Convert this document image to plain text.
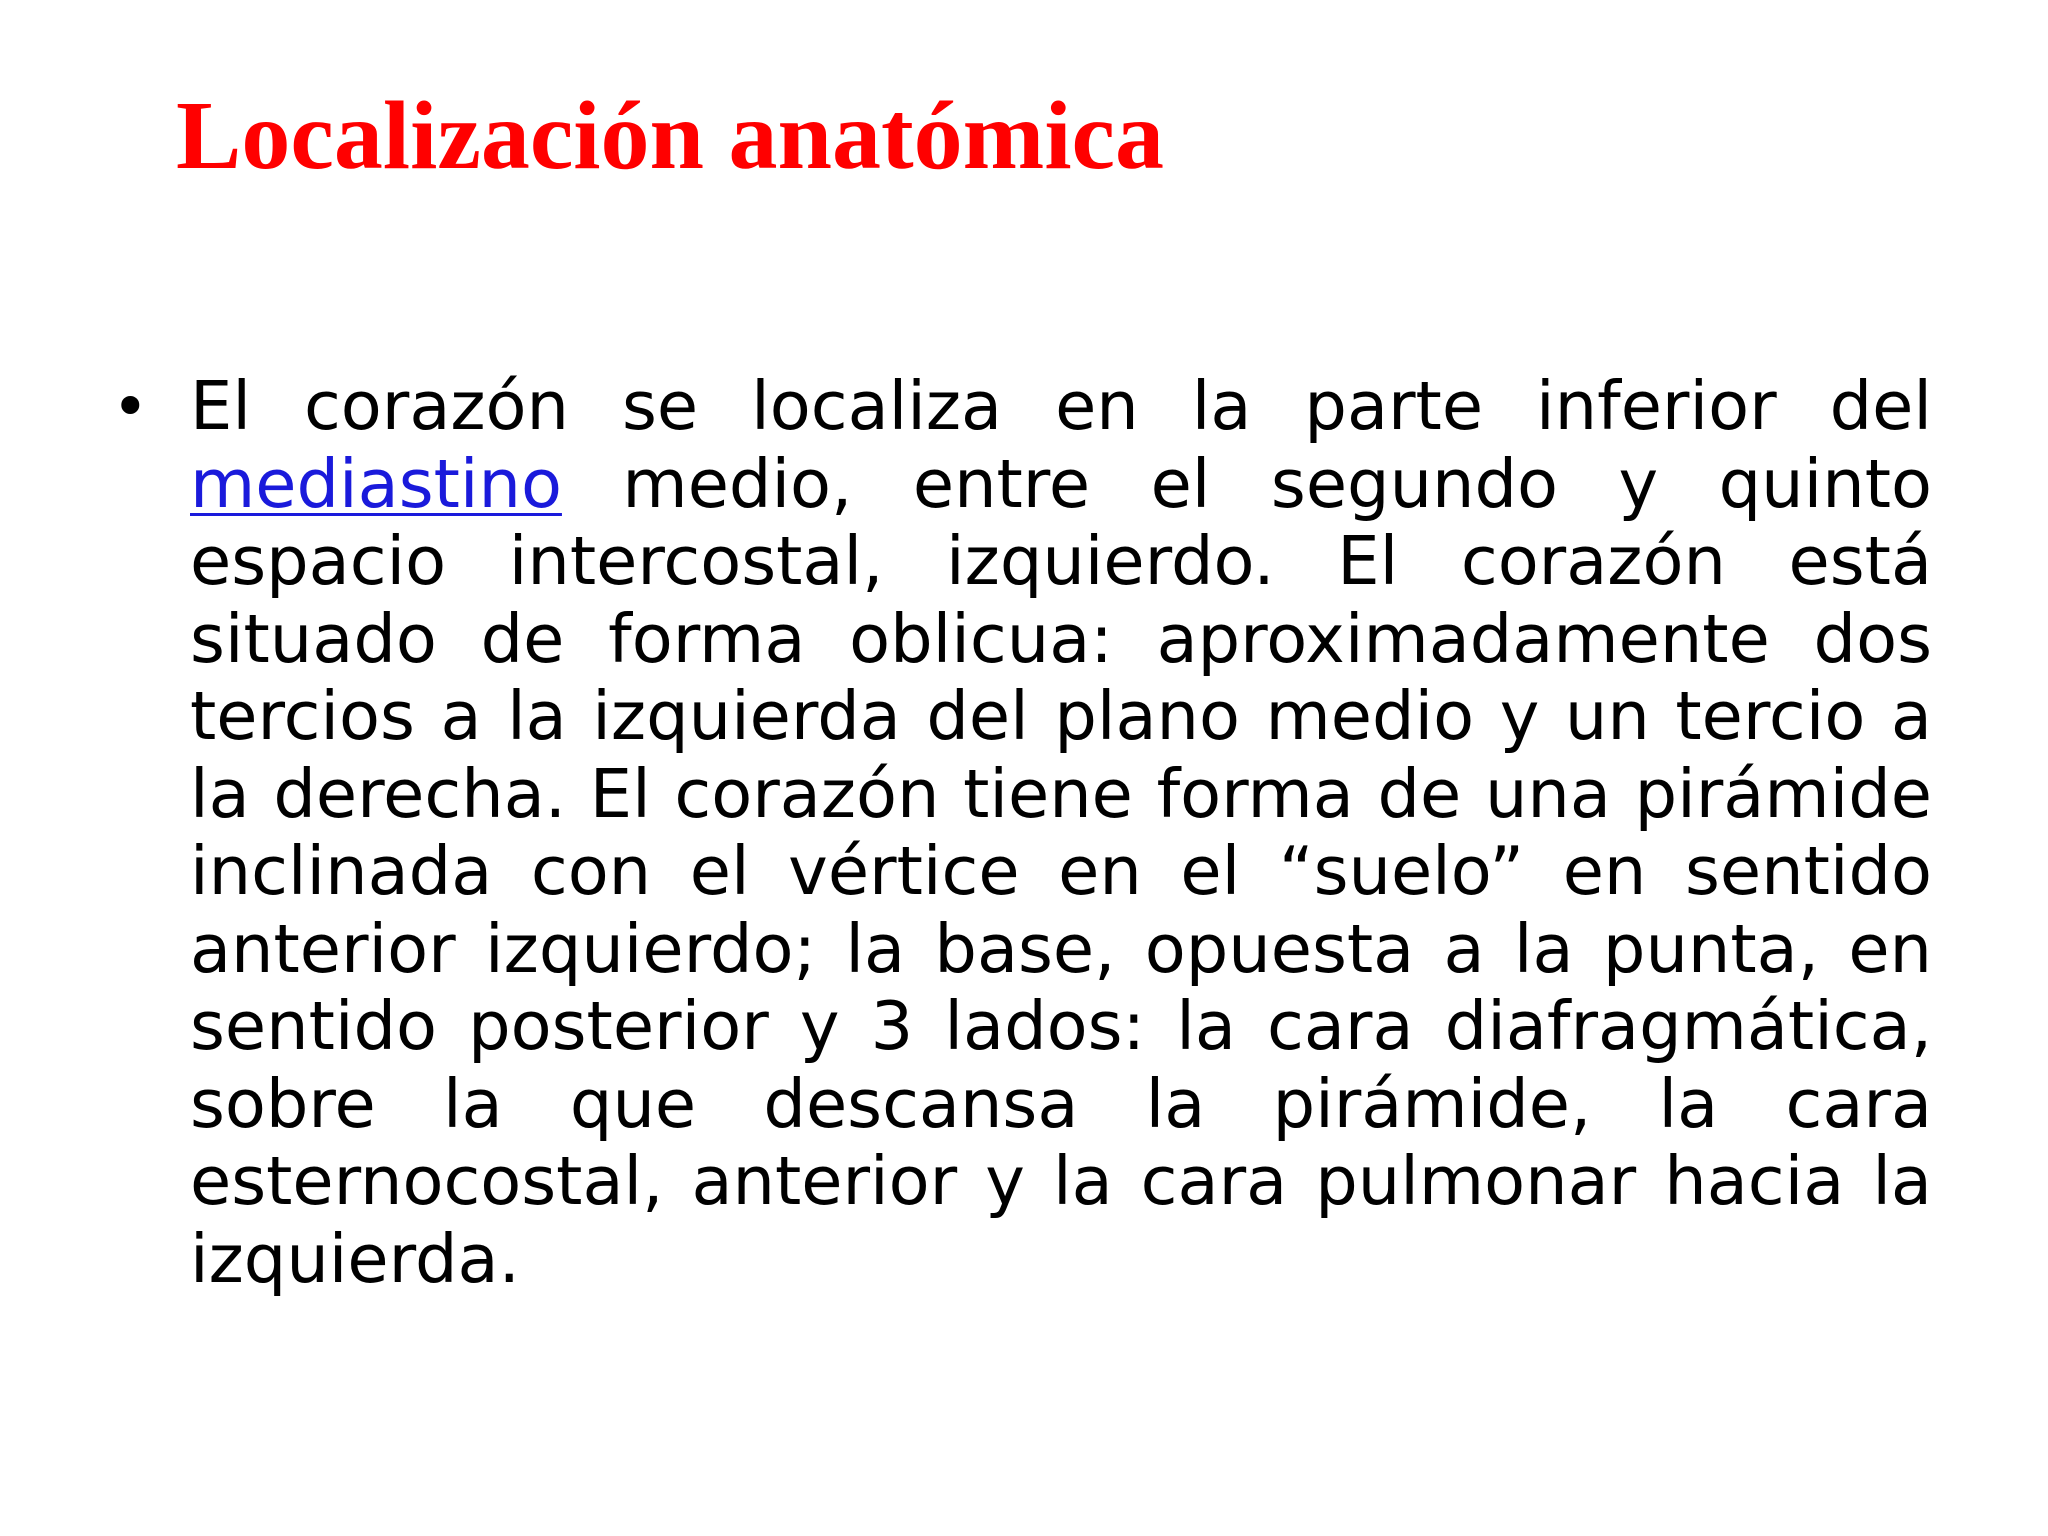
Localización anatómica
• El corazón se localiza en la parte inferior del mediastino medio, entre el segundo y quinto espacio intercostal, izquierdo. El corazón está situado de forma oblicua: aproximadamente dos tercios a la izquierda del plano medio y un tercio a la derecha. El corazón tiene forma de una pirámide inclinada con el vértice en el “suelo” en sentido anterior izquierdo; la base, opuesta a la punta, en sentido posterior y 3 lados: la cara diafragmática, sobre la que descansa la pirámide, la cara esternocostal, anterior y la cara pulmonar hacia la izquierda.
